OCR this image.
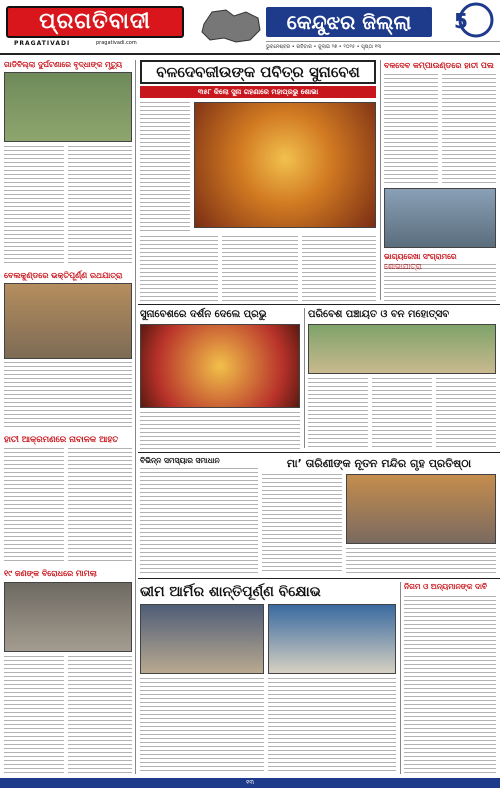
ପ୍ରଗତିବାଦୀ
PRAGATIVADI	pragativadi.com
କେନ୍ଦୁଝର ଜିଲ୍ଲା	5
ଭୁବନେଶ୍ବର • ରବିବାର • ଜୁଲାଇ ୨୭ • ୨୦୨୫ • ପୃଷ୍ଠା ୧୩
ଗାଡିବିଲ୍ଲା ଦୁର୍ଘଟଣାରେ ବୃଦ୍ଧାଙ୍କ ମୃତ୍ୟୁ
ବେଲକୁଣ୍ଡରେ ଭକ୍ତିପୂର୍ଣ୍ଣ ରଥଯାତ୍ରା
ହାତୀ ଆକ୍ରମଣରେ ନାବାଳକ ଆହତ
୧୯ ଜଣଙ୍କ ବିରୋଧରେ ମାମଲା
ବଳଦେବଜୀଉଙ୍କ ପବିତ୍ର ସୁନାବେଶ
୩୫୮ କିଲୋ ସୁନା ଗହଣାରେ ମହାପ୍ରଭୁ ଶୋଭା
ବଳଦେବ କମ୍ପାଉଣ୍ଡରେ ହାତୀ ପଲ
ଭାଗ୍ୟରେଖା ସଂଗ୍ରାମରେ ଶୋଭାଯାତ୍ରା
ସୁନାବେଶରେ ଦର୍ଶନ ଦେଲେ ପ୍ରଭୁ	ପରିବେଶ ପଞ୍ଚାୟତ ଓ ବନ ମହୋତ୍ସବ
ବିଭିନ୍ନ ସମସ୍ୟାର ସମାଧାନ	ମା’ ତାରିଣୀଙ୍କ ନୂତନ ମନ୍ଦିର ଗୃହ ପ୍ରତିଷ୍ଠା
ଭୀମ ଆର୍ମିର ଶାନ୍ତିପୂର୍ଣ୍ଣ ବିକ୍ଷୋଭ	ନିଗମ ଓ ଅନ୍ୟମାନଙ୍କ ଦାବି
୧୩
